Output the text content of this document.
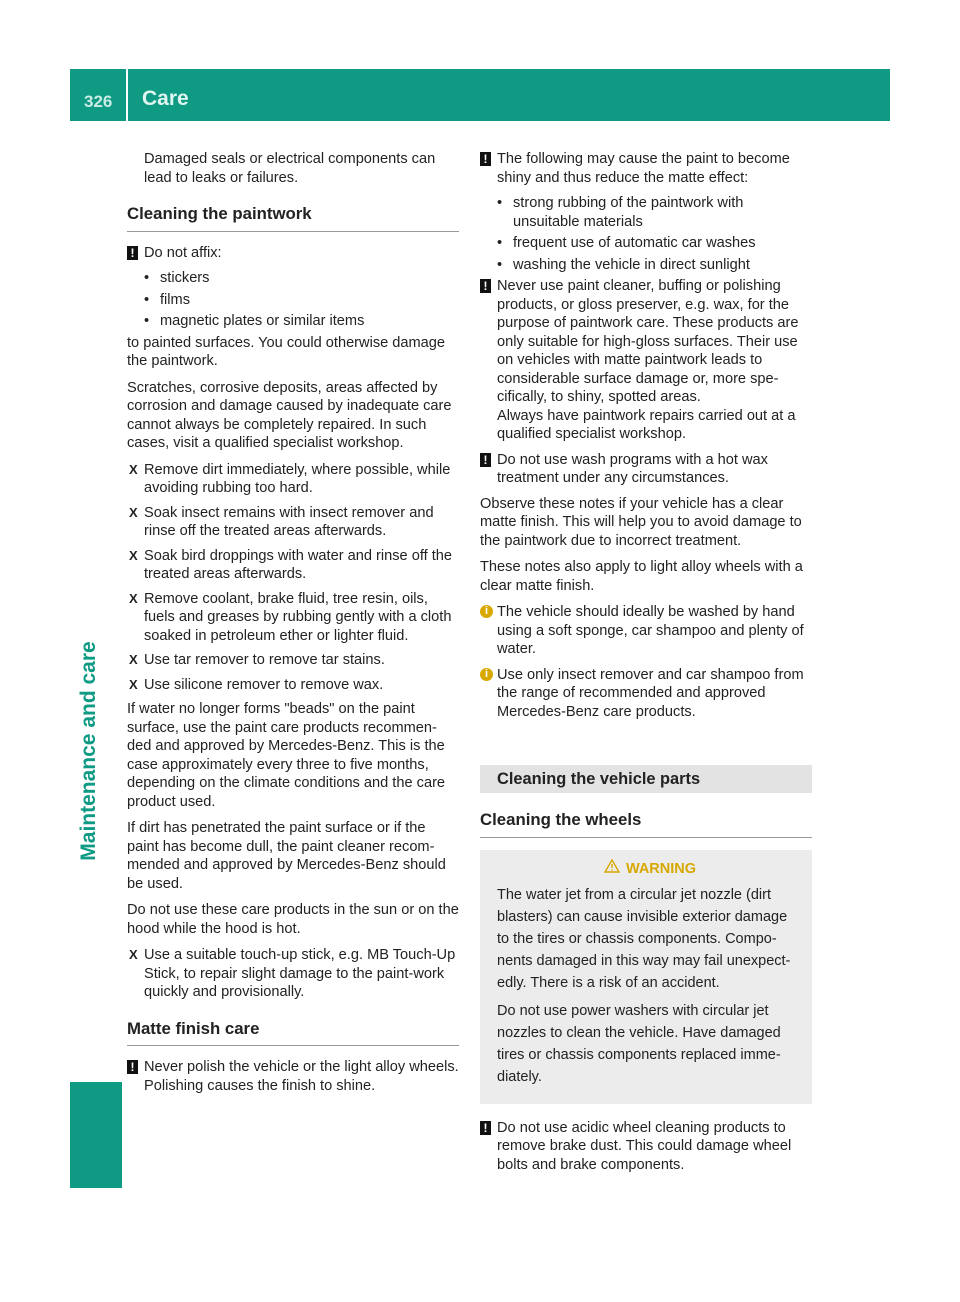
326 Care
Maintenance and care

Damaged seals or electrical components can lead to leaks or failures.

Cleaning the paintwork
! Do not affix:
• stickers
• films
• magnetic plates or similar items

to painted surfaces. You could otherwise damage the paintwork.

Scratches, corrosive deposits, areas affected by corrosion and damage caused by inadequate care cannot always be completely repaired. In such cases, visit a qualified specialist workshop.

X Remove dirt immediately, where possible, while avoiding rubbing too hard.
X Soak insect remains with insect remover and rinse off the treated areas afterwards.
X Soak bird droppings with water and rinse off the treated areas afterwards.
X Remove coolant, brake fluid, tree resin, oils, fuels and greases by rubbing gently with a cloth soaked in petroleum ether or lighter fluid.
X Use tar remover to remove tar stains.
X Use silicone remover to remove wax.

If water no longer forms "beads" on the paint surface, use the paint care products recommen-ded and approved by Mercedes-Benz. This is the case approximately every three to five months, depending on the climate conditions and the care product used.

If dirt has penetrated the paint surface or if the paint has become dull, the paint cleaner recom-mended and approved by Mercedes-Benz should be used.

Do not use these care products in the sun or on the hood while the hood is hot.

X Use a suitable touch-up stick, e.g. MB Touch-Up Stick, to repair slight damage to the paint-work quickly and provisionally.
Matte finish care
! Never polish the vehicle or the light alloy wheels. Polishing causes the finish to shine.
! The following may cause the paint to become shiny and thus reduce the matte effect:
• strong rubbing of the paintwork with unsuitable materials
• frequent use of automatic car washes
• washing the vehicle in direct sunlight
! Never use paint cleaner, buffing or polishing products, or gloss preserver, e.g. wax, for the purpose of paintwork care. These products are only suitable for high-gloss surfaces. Their use on vehicles with matte paintwork leads to considerable surface damage or, more spe-cifically, to shiny, spotted areas.
Always have paintwork repairs carried out at a qualified specialist workshop.
! Do not use wash programs with a hot wax treatment under any circumstances.

Observe these notes if your vehicle has a clear matte finish. This will help you to avoid damage to the paintwork due to incorrect treatment.

These notes also apply to light alloy wheels with a clear matte finish.

i The vehicle should ideally be washed by hand using a soft sponge, car shampoo and plenty of water.
i Use only insect remover and car shampoo from the range of recommended and approved Mercedes-Benz care products.
Cleaning the vehicle parts
Cleaning the wheels
WARNING

The water jet from a circular jet nozzle (dirt blasters) can cause invisible exterior damage to the tires or chassis components. Compo-nents damaged in this way may fail unexpect-edly. There is a risk of an accident.

Do not use power washers with circular jet nozzles to clean the vehicle. Have damaged tires or chassis components replaced imme-diately.

! Do not use acidic wheel cleaning products to remove brake dust. This could damage wheel bolts and brake components.
